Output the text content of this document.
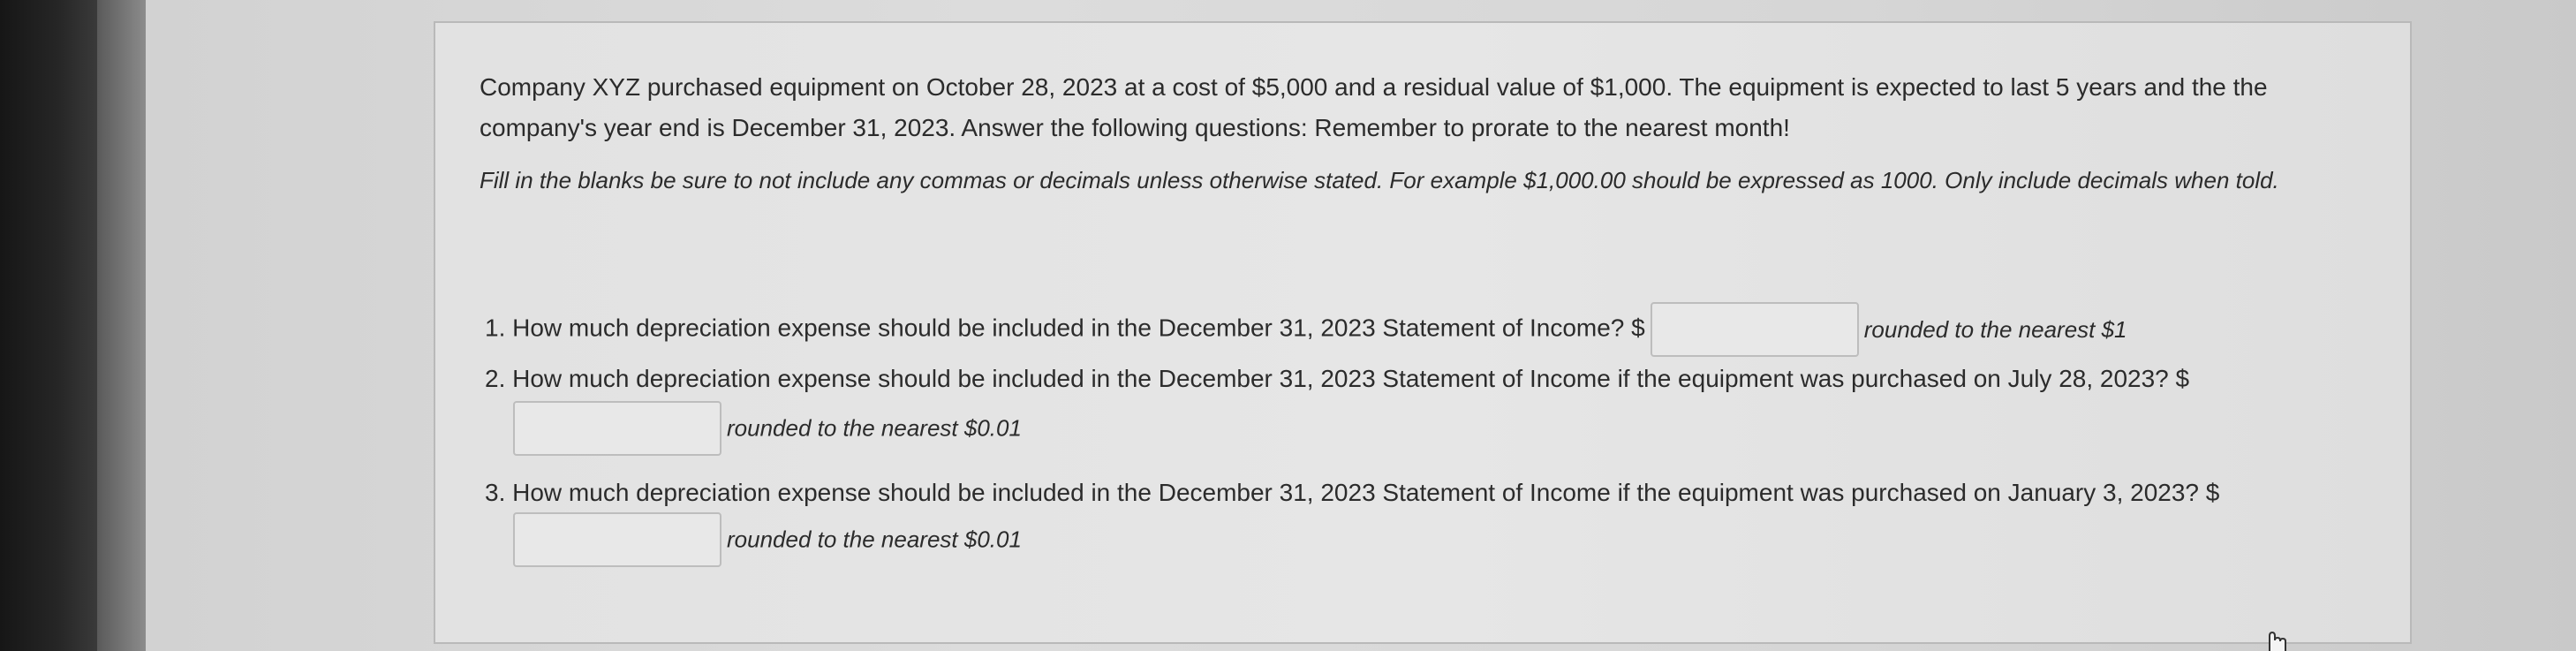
Company XYZ purchased equipment on October 28, 2023 at a cost of $5,000 and a residual value of $1,000. The equipment is expected to last 5 years and the the company's year end is December 31, 2023. Answer the following questions: Remember to prorate to the nearest month!

Fill in the blanks be sure to not include any commas or decimals unless otherwise stated. For example $1,000.00 should be expressed as 1000. Only include decimals when told.

1. How much depreciation expense should be included in the December 31, 2023 Statement of Income? $	rounded to the nearest $1
2. How much depreciation expense should be included in the December 31, 2023 Statement of Income if the equipment was purchased on July 28, 2023? $
rounded to the nearest $0.01
3. How much depreciation expense should be included in the December 31, 2023 Statement of Income if the equipment was purchased on January 3, 2023? $
rounded to the nearest $0.01
